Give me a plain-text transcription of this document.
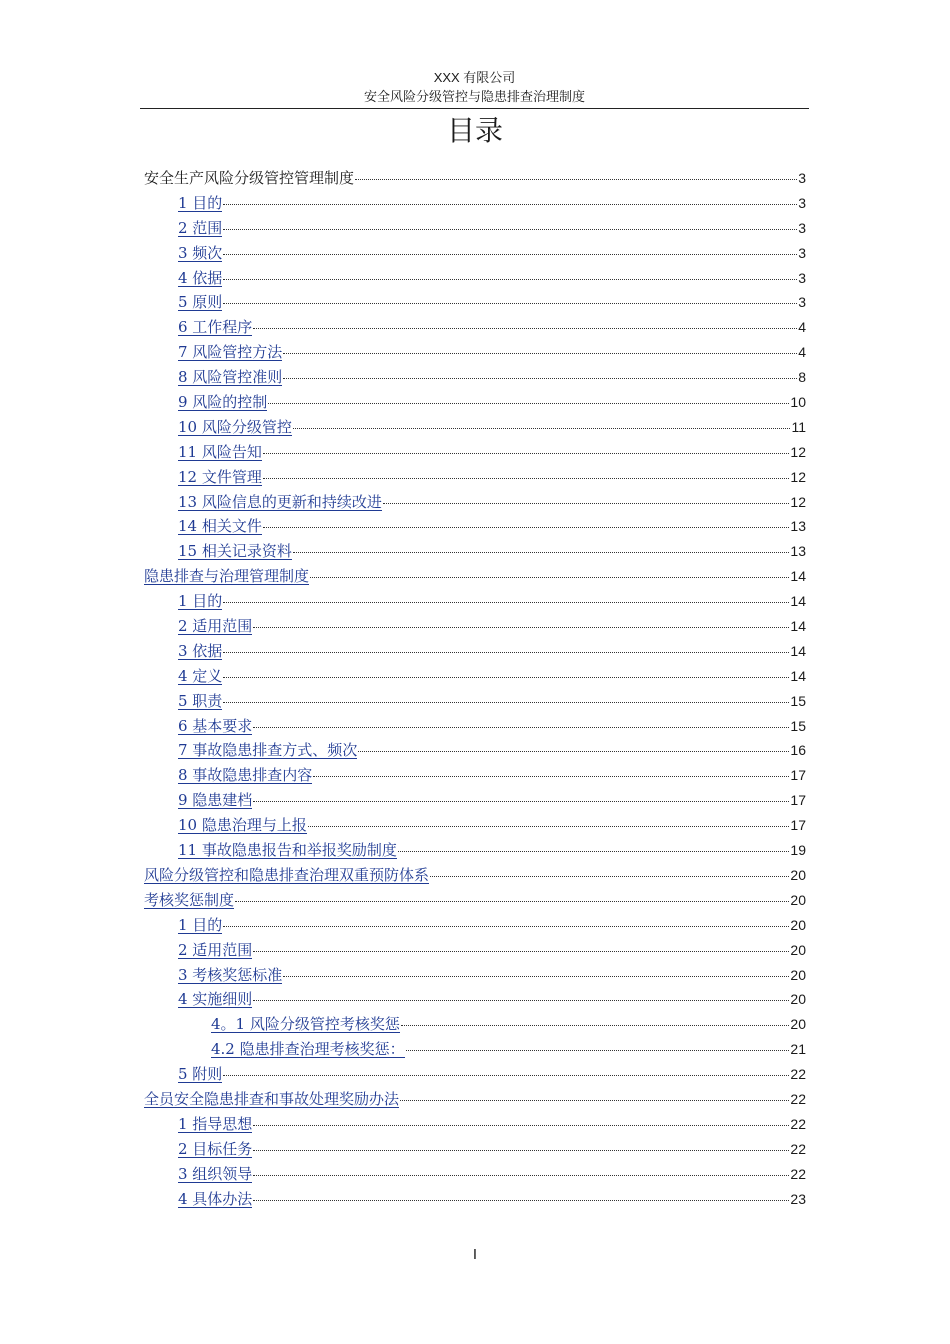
XXX 有限公司
安全风险分级管控与隐患排查治理制度
目录
安全生产风险分级管控管理制度	3
1 目的	3
2 范围	3
3 频次	3
4 依据	3
5 原则	3
6 工作程序	4
7 风险管控方法	4
8 风险管控准则	8
9 风险的控制	10
10 风险分级管控	11
11 风险告知	12
12 文件管理	12
13 风险信息的更新和持续改进	12
14 相关文件	13
15 相关记录资料	13
隐患排查与治理管理制度	14
1 目的	14
2 适用范围	14
3 依据	14
4 定义	14
5 职责	15
6 基本要求	15
7 事故隐患排查方式、频次	16
8 事故隐患排查内容	17
9 隐患建档	17
10 隐患治理与上报	17
11 事故隐患报告和举报奖励制度	19
风险分级管控和隐患排查治理双重预防体系	20
考核奖惩制度	20
1 目的	20
2 适用范围	20
3 考核奖惩标准	20
4 实施细则	20
4。1 风险分级管控考核奖惩	20
4.2 隐患排查治理考核奖惩：	21
5 附则	22
全员安全隐患排查和事故处理奖励办法	22
1 指导思想	22
2 目标任务	22
3 组织领导	22
4 具体办法	23
I
